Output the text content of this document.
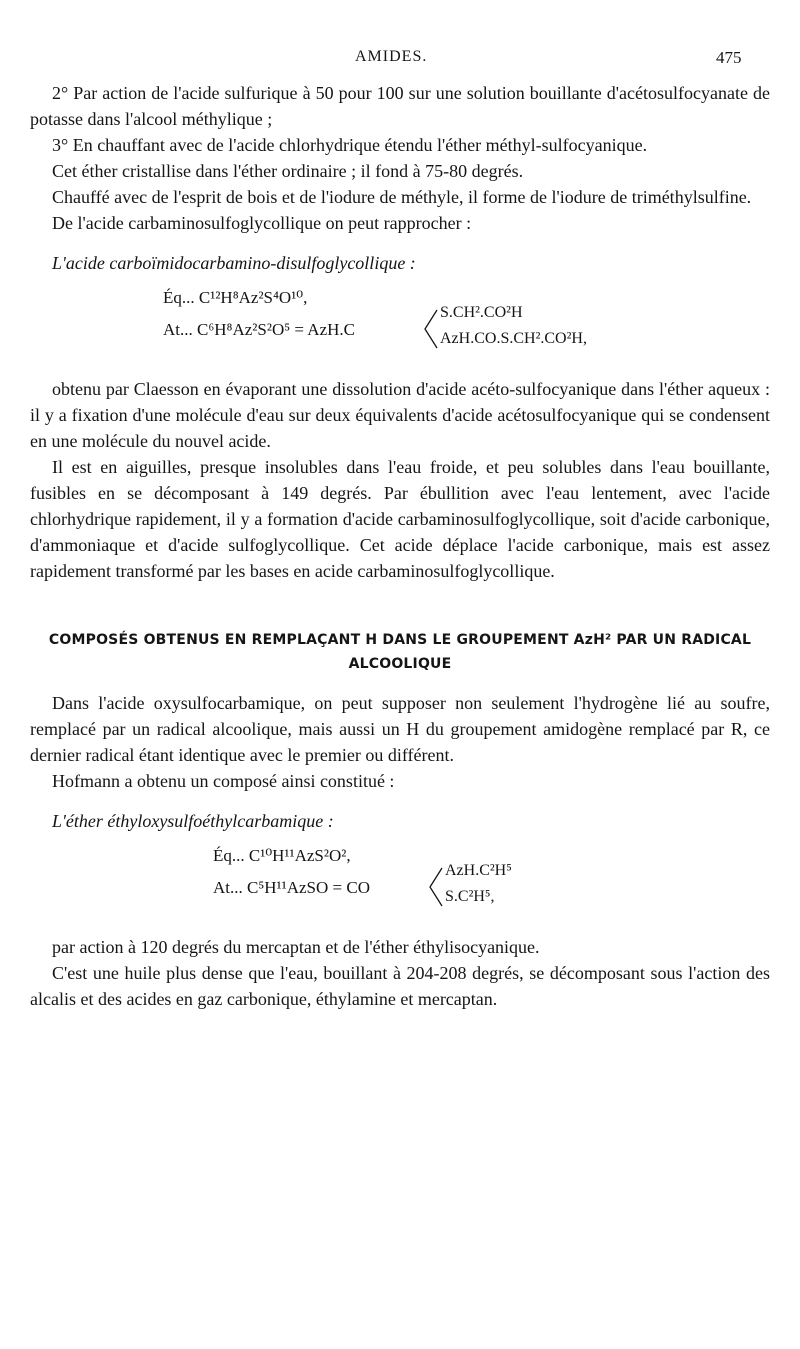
AMIDES.	475

2° Par action de l'acide sulfurique à 50 pour 100 sur une solution bouillante d'acétosulfocyanate de potasse dans l'alcool méthylique ;

3° En chauffant avec de l'acide chlorhydrique étendu l'éther méthyl-sulfocyanique.

Cet éther cristallise dans l'éther ordinaire ; il fond à 75-80 degrés.

Chauffé avec de l'esprit de bois et de l'iodure de méthyle, il forme de l'iodure de triméthylsulfine.

De l'acide carbaminosulfoglycollique on peut rapprocher :

L'acide carboïmidocarbamino-disulfoglycollique :

Éq... C¹²H⁸Az²S⁴O¹⁰,
At... C⁶H⁸Az²S²O⁵ = AzH.C
S.CH².CO²H
AzH.CO.S.CH².CO²H,

obtenu par Claesson en évaporant une dissolution d'acide acéto-sulfocyanique dans l'éther aqueux : il y a fixation d'une molécule d'eau sur deux équivalents d'acide acétosulfocyanique qui se condensent en une molécule du nouvel acide.

Il est en aiguilles, presque insolubles dans l'eau froide, et peu solubles dans l'eau bouillante, fusibles en se décomposant à 149 degrés. Par ébullition avec l'eau lentement, avec l'acide chlorhydrique rapidement, il y a formation d'acide carbaminosulfoglycollique, soit d'acide carbonique, d'ammoniaque et d'acide sulfoglycollique. Cet acide déplace l'acide carbonique, mais est assez rapidement transformé par les bases en acide carbaminosulfoglycollique.

COMPOSÉS OBTENUS EN REMPLAÇANT H DANS LE GROUPEMENT AzH² PAR UN RADICAL
ALCOOLIQUE

Dans l'acide oxysulfocarbamique, on peut supposer non seulement l'hydrogène lié au soufre, remplacé par un radical alcoolique, mais aussi un H du groupement amidogène remplacé par R, ce dernier radical étant identique avec le premier ou différent.

Hofmann a obtenu un composé ainsi constitué :

L'éther éthyloxysulfoéthylcarbamique :

Éq... C¹⁰H¹¹AzS²O²,
At... C⁵H¹¹AzSO = CO
AzH.C²H⁵
S.C²H⁵,

par action à 120 degrés du mercaptan et de l'éther éthylisocyanique.

C'est une huile plus dense que l'eau, bouillant à 204-208 degrés, se décomposant sous l'action des alcalis et des acides en gaz carbonique, éthylamine et mercaptan.
